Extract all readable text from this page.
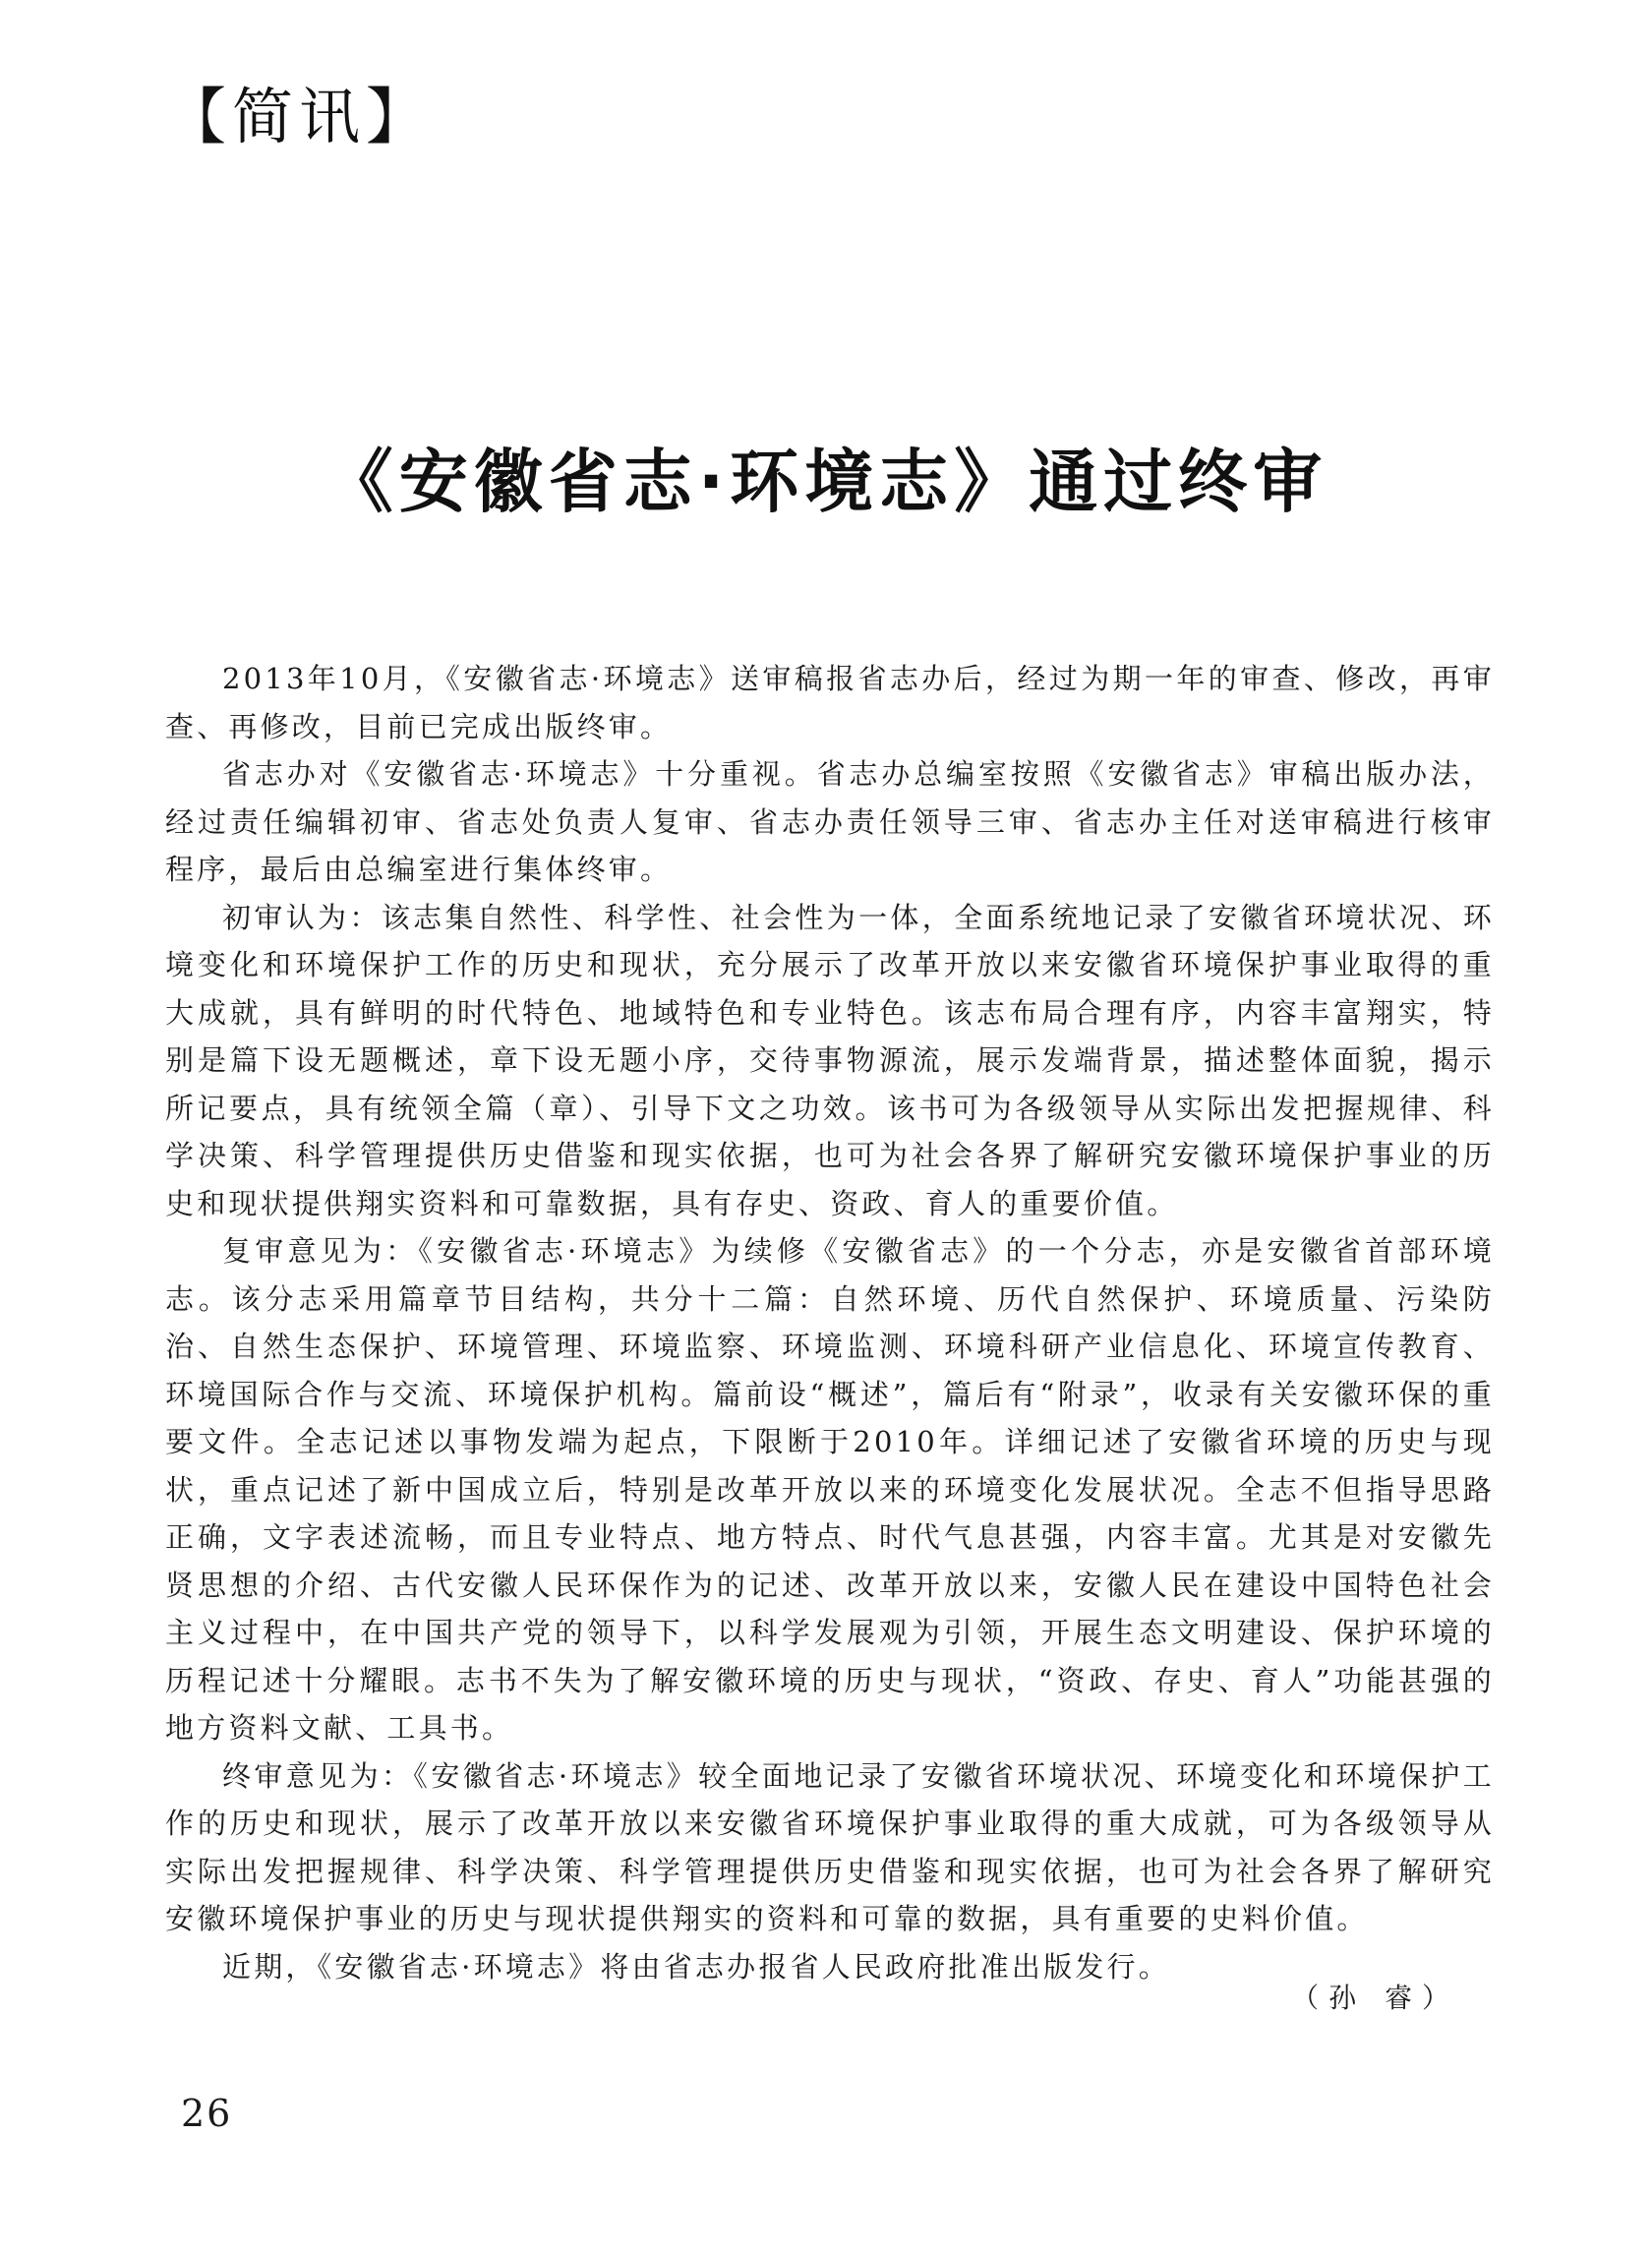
【简讯】
《安徽省志·环境志》通过终审

2013年10月，《安徽省志·环境志》送审稿报省志办后，经过为期一年的审查、修改，再审查、再修改，目前已完成出版终审。

省志办对《安徽省志·环境志》十分重视。省志办总编室按照《安徽省志》审稿出版办法，经过责任编辑初审、省志处负责人复审、省志办责任领导三审、省志办主任对送审稿进行核审程序，最后由总编室进行集体终审。

初审认为：该志集自然性、科学性、社会性为一体，全面系统地记录了安徽省环境状况、环境变化和环境保护工作的历史和现状，充分展示了改革开放以来安徽省环境保护事业取得的重大成就，具有鲜明的时代特色、地域特色和专业特色。该志布局合理有序，内容丰富翔实，特别是篇下设无题概述，章下设无题小序，交待事物源流，展示发端背景，描述整体面貌，揭示所记要点，具有统领全篇（章）、引导下文之功效。该书可为各级领导从实际出发把握规律、科学决策、科学管理提供历史借鉴和现实依据，也可为社会各界了解研究安徽环境保护事业的历史和现状提供翔实资料和可靠数据，具有存史、资政、育人的重要价值。

复审意见为：《安徽省志·环境志》为续修《安徽省志》的一个分志，亦是安徽省首部环境志。该分志采用篇章节目结构，共分十二篇：自然环境、历代自然保护、环境质量、污染防治、自然生态保护、环境管理、环境监察、环境监测、环境科研产业信息化、环境宣传教育、环境国际合作与交流、环境保护机构。篇前设“概述”，篇后有“附录”，收录有关安徽环保的重要文件。全志记述以事物发端为起点，下限断于2010年。详细记述了安徽省环境的历史与现状，重点记述了新中国成立后，特别是改革开放以来的环境变化发展状况。全志不但指导思路正确，文字表述流畅，而且专业特点、地方特点、时代气息甚强，内容丰富。尤其是对安徽先贤思想的介绍、古代安徽人民环保作为的记述、改革开放以来，安徽人民在建设中国特色社会主义过程中，在中国共产党的领导下，以科学发展观为引领，开展生态文明建设、保护环境的历程记述十分耀眼。志书不失为了解安徽环境的历史与现状，“资政、存史、育人”功能甚强的地方资料文献、工具书。

终审意见为：《安徽省志·环境志》较全面地记录了安徽省环境状况、环境变化和环境保护工作的历史和现状，展示了改革开放以来安徽省环境保护事业取得的重大成就，可为各级领导从实际出发把握规律、科学决策、科学管理提供历史借鉴和现实依据，也可为社会各界了解研究安徽环境保护事业的历史与现状提供翔实的资料和可靠的数据，具有重要的史料价值。

近期，《安徽省志·环境志》将由省志办报省人民政府批准出版发行。

（孙 睿）
26
